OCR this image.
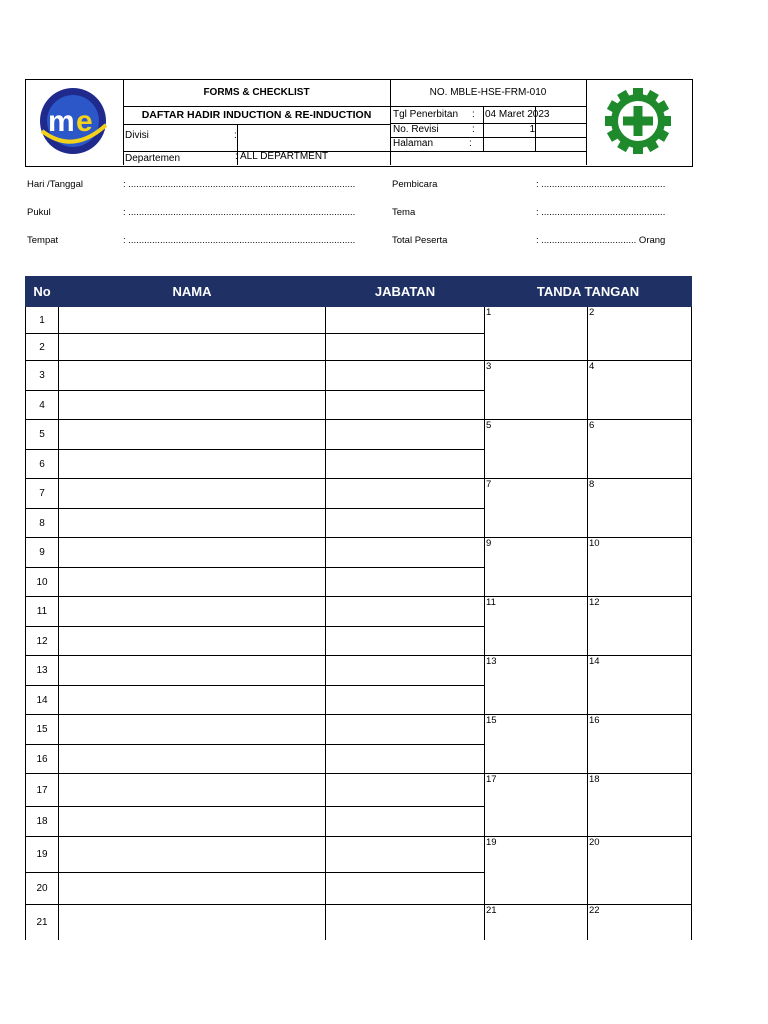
m e
FORMS & CHECKLIST
DAFTAR HADIR INDUCTION & RE-INDUCTION
NO. MBLE-HSE-FRM-010
Divisi	:
Departemen	: ALL DEPARTMENT
Tgl Penerbitan : 04 Maret 2023
No. Revisi	:	1
Halaman	:
Hari /Tanggal	: ......................................................................................
Pukul	: ......................................................................................
Tempat	: ......................................................................................
Pembicara	: ...............................................
Tema	: ...............................................
Total Peserta	: .................................... Orang
No	NAMA	JABATAN	TANDA TANGAN	
1			1	2
2				
3			3	4
4				
5			5	6
6				
7			7	8
8				
9			9	10
10				
11			11	12
12				
13			13	14
14				
15			15	16
16				
17			17	18
18				
19			19	20
20				
21			21	22
